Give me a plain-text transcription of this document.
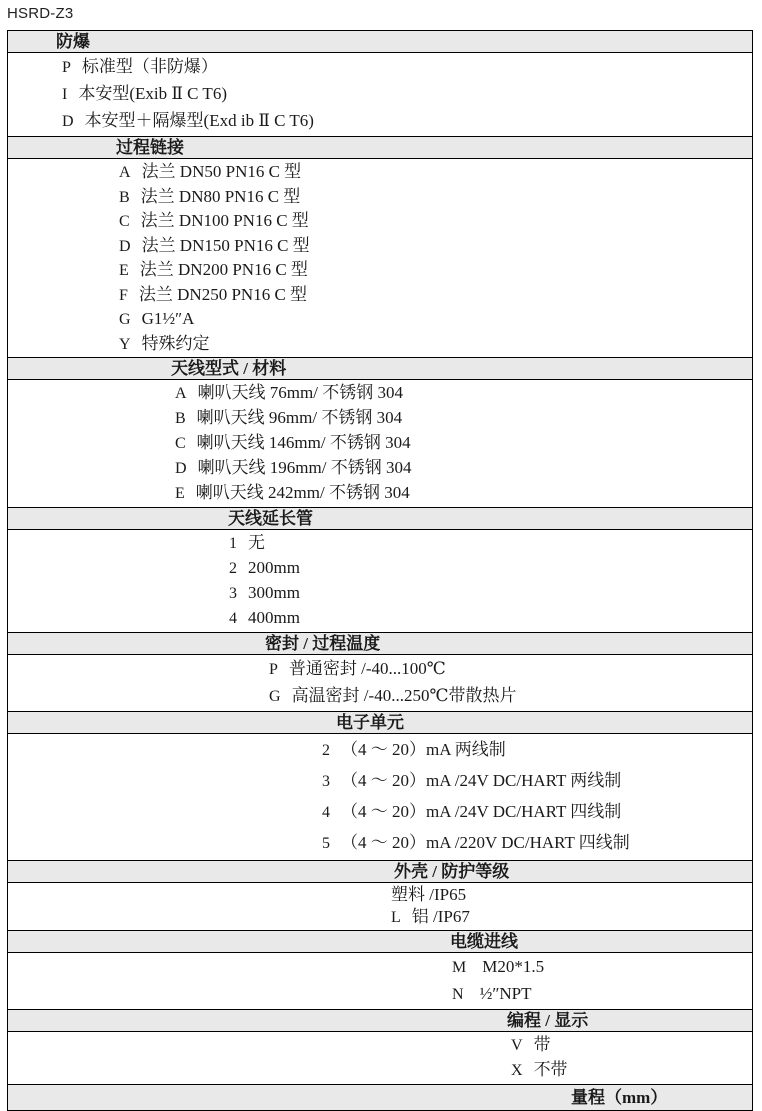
HSRD-Z3
防爆
P 标准型（非防爆）
I 本安型(Exib Ⅱ C T6)
D 本安型＋隔爆型(Exd ib Ⅱ C T6)
过程链接
A 法兰 DN50 PN16 C 型
B 法兰 DN80 PN16 C 型
C 法兰 DN100 PN16 C 型
D 法兰 DN150 PN16 C 型
E 法兰 DN200 PN16 C 型
F 法兰 DN250 PN16 C 型
G G1½″A
Y 特殊约定
天线型式 / 材料
A 喇叭天线 76mm/ 不锈钢 304
B 喇叭天线 96mm/ 不锈钢 304
C 喇叭天线 146mm/ 不锈钢 304
D 喇叭天线 196mm/ 不锈钢 304
E 喇叭天线 242mm/ 不锈钢 304
天线延长管
1 无
2 200mm
3 300mm
4 400mm
密封 / 过程温度
P 普通密封 /-40...100℃
G 高温密封 /-40...250℃带散热片
电子单元
2 （4 ～ 20）mA 两线制
3 （4 ～ 20）mA /24V DC/HART 两线制
4 （4 ～ 20）mA /24V DC/HART 四线制
5 （4 ～ 20）mA /220V DC/HART 四线制
外壳 / 防护等级
塑料 /IP65
L 铝 /IP67
电缆进线
M M20*1.5
N ½″NPT
编程 / 显示
V 带
X 不带
量程（mm）
